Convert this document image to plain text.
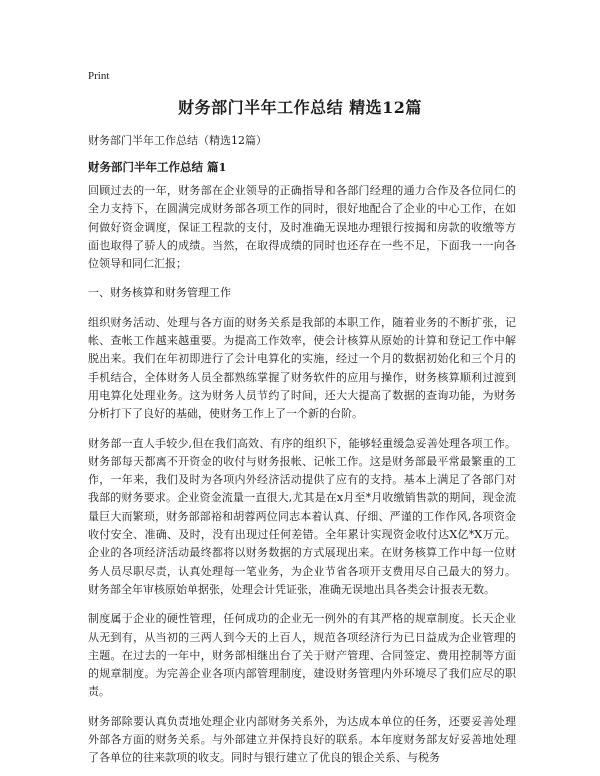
Print
财务部门半年工作总结 精选12篇
财务部门半年工作总结（精选12篇）
财务部门半年工作总结 篇1

回顾过去的一年，财务部在企业领导的正确指导和各部门经理的通力合作及各位同仁的全力支持下，在圆满完成财务部各项工作的同时，很好地配合了企业的中心工作，在如何做好资金调度，保证工程款的支付，及时准确无误地办理银行按揭和房款的收缴等方面也取得了骄人的成绩。当然，在取得成绩的同时也还存在一些不足，下面我一一向各位领导和同仁汇报；

一、财务核算和财务管理工作

组织财务活动、处理与各方面的财务关系是我部的本职工作，随着业务的不断扩张，记帐、查帐工作越来越重要。为提高工作效率，使会计核算从原始的计算和登记工作中解脱出来。我们在年初即进行了会计电算化的实施，经过一个月的数据初始化和三个月的手机结合，全体财务人员全都熟练掌握了财务软件的应用与操作，财务核算顺利过渡到用电算化处理业务。这为财务人员节约了时间，还大大提高了数据的查询功能，为财务分析打下了良好的基础，使财务工作上了一个新的台阶。

财务部一直人手较少,但在我们高效、有序的组织下，能够轻重缓急妥善处理各项工作。财务部每天都离不开资金的收付与财务报帐、记帐工作。这是财务部最平常最繁重的工作，一年来，我们及时为各项内外经济活动提供了应有的支持。基本上满足了各部门对我部的财务要求。企业资金流量一直很大,尤其是在x月至*月收缴销售款的期间，现金流量巨大而繁琐，财务部部裕和胡蓉两位同志本着认真、仔细、严谨的工作作风,各项资金收付安全、准确、及时，没有出现过任何差错。全年累计实现资金收付达X亿*X万元。企业的各项经济活动最终都将以财务数据的方式展现出来。在财务核算工作中每一位财务人员尽职尽责，认真处理每一笔业务，为企业节省各项开支费用尽自己最大的努力。财务部全年审核原始单据张，处理会计凭证张，准确无误地出具各类会计报表无数。

制度属于企业的硬性管理，任何成功的企业无一例外的有其严格的规章制度。长天企业从无到有，从当初的三两人到今天的上百人，规范各项经济行为已日益成为企业管理的主题。在过去的一年中，财务部相继出台了关于财产管理、合同签定、费用控制等方面的规章制度。为完善企业各项内部管理制度，建设财务管理内外环境尽了我们应尽的职责。

财务部除要认真负责地处理企业内部财务关系外，为达成本单位的任务，还要妥善处理外部各方面的财务关系。与外部建立并保持良好的联系。本年度财务部友好妥善地处理了各单位的往来款项的收支。同时与银行建立了优良的银企关系、与税务
